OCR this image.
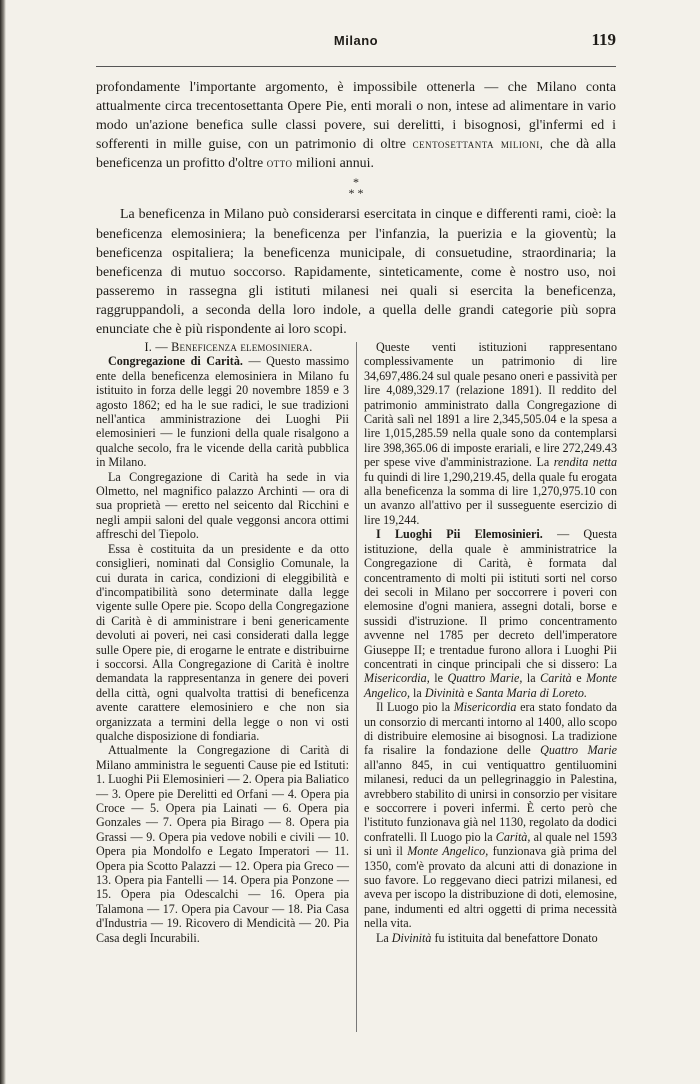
Milano	119

profondamente l'importante argomento, è impossibile ottenerla — che Milano conta attualmente circa trecentosettanta Opere Pie, enti morali o non, intese ad alimentare in vario modo un'azione benefica sulle classi povere, sui derelitti, i bisognosi, gl'infermi ed i sofferenti in mille guise, con un patrimonio di oltre centosettanta milioni, che dà alla beneficenza un profitto d'oltre otto milioni annui.

*
* *

La beneficenza in Milano può considerarsi esercitata in cinque e differenti rami, cioè: la beneficenza elemosiniera; la beneficenza per l'infanzia, la puerizia e la gioventù; la beneficenza ospitaliera; la beneficenza municipale, di consuetudine, straordinaria; la beneficenza di mutuo soccorso. Rapidamente, sinteticamente, come è nostro uso, noi passeremo in rassegna gli istituti milanesi nei quali si esercita la beneficenza, raggruppandoli, a seconda della loro indole, a quella delle grandi categorie più sopra enunciate che è più rispondente ai loro scopi.

I. — Beneficenza elemosiniera.

Congregazione di Carità. — Questo massimo ente della beneficenza elemosiniera in Milano fu istituito in forza delle leggi 20 novembre 1859 e 3 agosto 1862; ed ha le sue radici, le sue tradizioni nell'antica amministrazione dei Luoghi Pii elemosinieri — le funzioni della quale risalgono a qualche secolo, fra le vicende della carità pubblica in Milano.

La Congregazione di Carità ha sede in via Olmetto, nel magnifico palazzo Archinti — ora di sua proprietà — eretto nel seicento dal Ricchini e negli ampii saloni del quale veggonsi ancora ottimi affreschi del Tiepolo.

Essa è costituita da un presidente e da otto consiglieri, nominati dal Consiglio Comunale, la cui durata in carica, condizioni di eleggibilità e d'incompatibilità sono determinate dalla legge vigente sulle Opere pie. Scopo della Congregazione di Carità è di amministrare i beni genericamente devoluti ai poveri, nei casi considerati dalla legge sulle Opere pie, di erogarne le entrate e distribuirne i soccorsi. Alla Congregazione di Carità è inoltre demandata la rappresentanza in genere dei poveri della città, ogni qualvolta trattisi di beneficenza avente carattere elemosiniero e che non sia organizzata a termini della legge o non vi osti qualche disposizione di fondiaria.

Attualmente la Congregazione di Carità di Milano amministra le seguenti Cause pie ed Istituti: 1. Luoghi Pii Elemosinieri — 2. Opera pia Baliatico — 3. Opere pie Derelitti ed Orfani — 4. Opera pia Croce — 5. Opera pia Lainati — 6. Opera pia Gonzales — 7. Opera pia Birago — 8. Opera pia Grassi — 9. Opera pia vedove nobili e civili — 10. Opera pia Mondolfo e Legato Imperatori — 11. Opera pia Scotto Palazzi — 12. Opera pia Greco — 13. Opera pia Fantelli — 14. Opera pia Ponzone — 15. Opera pia Odescalchi — 16. Opera pia Talamona — 17. Opera pia Cavour — 18. Pia Casa d'Industria — 19. Ricovero di Mendicità — 20. Pia Casa degli Incurabili.

Queste venti istituzioni rappresentano complessivamente un patrimonio di lire 34,697,486.24 sul quale pesano oneri e passività per lire 4,089,329.17 (relazione 1891). Il reddito del patrimonio amministrato dalla Congregazione di Carità salì nel 1891 a lire 2,345,505.04 e la spesa a lire 1,015,285.59 nella quale sono da contemplarsi lire 398,365.06 di imposte erariali, e lire 272,249.43 per spese vive d'amministrazione. La rendita netta fu quindi di lire 1,290,219.45, della quale fu erogata alla beneficenza la somma di lire 1,270,975.10 con un avanzo all'attivo per il susseguente esercizio di lire 19,244.

I Luoghi Pii Elemosinieri. — Questa istituzione, della quale è amministratrice la Congregazione di Carità, è formata dal concentramento di molti pii istituti sorti nel corso dei secoli in Milano per soccorrere i poveri con elemosine d'ogni maniera, assegni dotali, borse e sussidi d'istruzione. Il primo concentramento avvenne nel 1785 per decreto dell'imperatore Giuseppe II; e trentadue furono allora i Luoghi Pii concentrati in cinque principali che si dissero: La Misericordia, le Quattro Marie, la Carità e Monte Angelico, la Divinità e Santa Maria di Loreto.

Il Luogo pio la Misericordia era stato fondato da un consorzio di mercanti intorno al 1400, allo scopo di distribuire elemosine ai bisognosi. La tradizione fa risalire la fondazione delle Quattro Marie all'anno 845, in cui ventiquattro gentiluomini milanesi, reduci da un pellegrinaggio in Palestina, avrebbero stabilito di unirsi in consorzio per visitare e soccorrere i poveri infermi. È certo però che l'istituto funzionava già nel 1130, regolato da dodici confratelli. Il Luogo pio la Carità, al quale nel 1593 si unì il Monte Angelico, funzionava già prima del 1350, com'è provato da alcuni atti di donazione in suo favore. Lo reggevano dieci patrizi milanesi, ed aveva per iscopo la distribuzione di doti, elemosine, pane, indumenti ed altri oggetti di prima necessità nella vita.

La Divinità fu istituita dal benefattore Donato
